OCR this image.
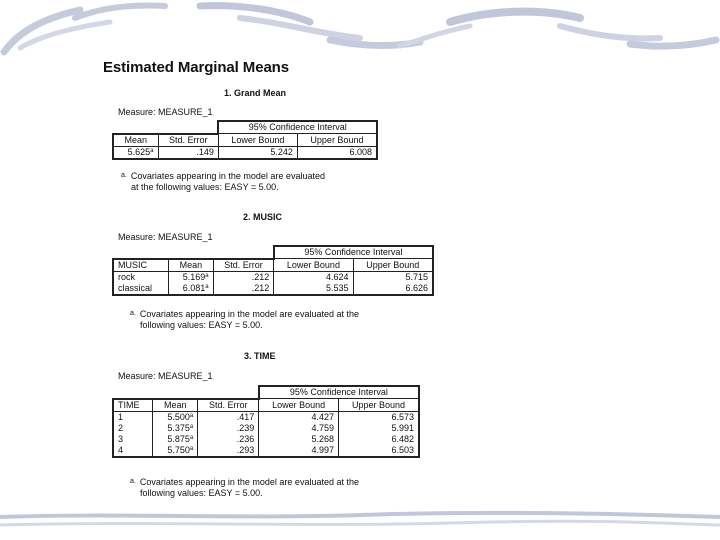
Estimated Marginal Means
1. Grand Mean
Measure: MEASURE_1
		95% Confidence Interval	
Mean	Std. Error	Lower Bound	Upper Bound
5.625$^a$	.149	5.242	6.008
$^{a.}$ Covariates appearing in the model are evaluated
at the following values: EASY = 5.00.
2. MUSIC
Measure: MEASURE_1
			95% Confidence Interval	
MUSIC	Mean	Std. Error	Lower Bound	Upper Bound
rock	5.169$^a$	.212	4.624	5.715
classical	6.081$^a$	.212	5.535	6.626
$^{a.}$ Covariates appearing in the model are evaluated at the
following values: EASY = 5.00.
3. TIME
Measure: MEASURE_1
			95% Confidence Interval	
TIME	Mean	Std. Error	Lower Bound	Upper Bound
1	5.500$^a$	.417	4.427	6.573
2	5.375$^a$	.239	4.759	5.991
3	5.875$^a$	.236	5.268	6.482
4	5.750$^a$	.293	4.997	6.503
$^{a.}$ Covariates appearing in the model are evaluated at the
following values: EASY = 5.00.
